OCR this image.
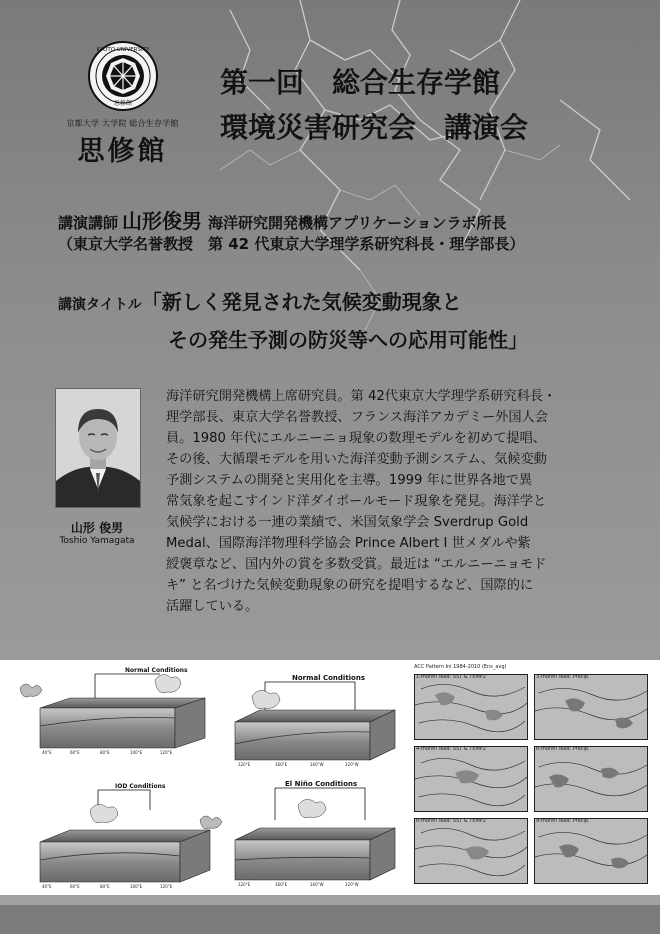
KYOTO UNIVERSITY
思修館
京都大学 大学院 総合生存学館
思修館
第一回　総合生存学館
環境災害研究会　講演会
講演講師 山形俊男 海洋研究開発機構アプリケーションラボ所長
（東京大学名誉教授　第 42 代東京大学理学系研究科長・理学部長）
講演タイトル「新しく発見された気候変動現象と
その発生予測の防災等への応用可能性」
山形 俊男
Toshio Yamagata
海洋研究開発機構上席研究員。第 42代東京大学理学系研究科長・
理学部長、東京大学名誉教授、フランス海洋アカデミー外国人会
員。1980 年代にエルニーニョ現象の数理モデルを初めて提唱、
その後、大循環モデルを用いた海洋変動予測システム、気候変動
予測システムの開発と実用化を主導。1999 年に世界各地で異
常気象を起こすインド洋ダイポールモード現象を発見。海洋学と
気候学における一連の業績で、米国気象学会 Sverdrup Gold
Medal、国際海洋物理科学協会 Prince Albert I 世メダルや紫
綬褒章など、国内外の賞を多数受賞。最近は “エルニーニョモド
キ” と名づけた気候変動現象の研究を提唱するなど、国際的に
活躍している。
Normal Conditions
40°E	60°E	80°E	100°E	120°E
IOD Conditions
40°E	60°E	80°E	100°E	120°E
Normal Conditions
120°E	160°E	160°W	120°W
El Niño Conditions
120°E	160°E	160°W	120°W
ACC Pattern Ini 1984-2010 (Ens_avg)
1-month lead: SST & TEMP2	3-month lead: Precip.
4-month lead: SST & TEMP2	6-month lead: Precip.
6-month lead: SST & TEMP2	9-month lead: Precip.
